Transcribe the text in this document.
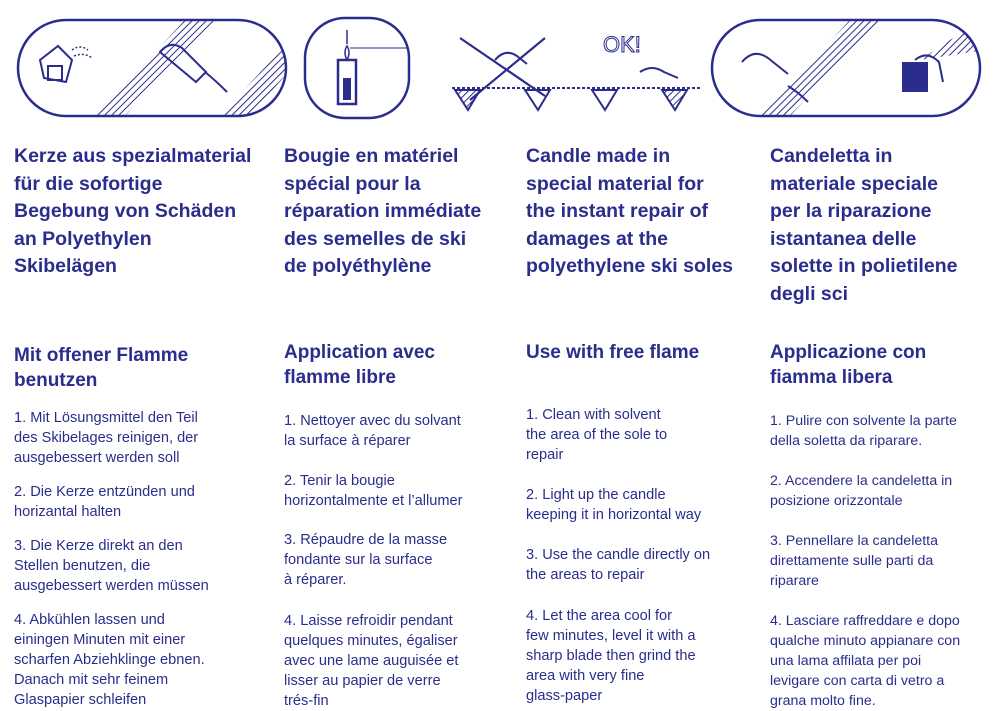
OK!

Kerze aus spezialmaterial

für die sofortige

Begebung von Schäden

an Polyethylen

Skibelägen

Mit offener Flamme

benutzen

1. Mit Lösungsmittel den Teil

des Skibelages reinigen, der

ausgebessert werden soll

2. Die Kerze entzünden und

horizantal halten

3. Die Kerze direkt an den

Stellen benutzen, die

ausgebessert werden müssen

4. Abkühlen lassen und

einingen Minuten mit einer

scharfen Abziehklinge ebnen.

Danach mit sehr feinem

Glaspapier schleifen

Bougie en matériel

spécial pour la

réparation immédiate

des semelles de ski

de polyéthylène

Application avec

flamme libre

1. Nettoyer avec du solvant

la surface à réparer

2. Tenir la bougie

horizontalmente et l’allumer

3. Répaudre de la masse

fondante sur la surface

à réparer.

4. Laisse refroidir pendant

quelques minutes, égaliser

avec une lame auguisée et

lisser au papier de verre

trés-fin

Candle made in

special material for

the instant repair of

damages at the

polyethylene ski soles

Use with free flame

1. Clean with solvent

the area of the sole to

repair

2. Light up the candle

keeping it in horizontal way

3. Use the candle directly on

the areas to repair

4. Let the area cool for

few minutes, level it with a

sharp blade then grind the

area with very fine

glass-paper

Candeletta in

materiale speciale

per la riparazione

istantanea delle

solette in polietilene

degli sci

Applicazione con

fiamma libera

1. Pulire con solvente la parte

della soletta da riparare.

2. Accendere la candeletta in

posizione orizzontale

3. Pennellare la candeletta

direttamente sulle parti da

riparare

4. Lasciare raffreddare e dopo

qualche minuto appianare con

una lama affilata per poi

levigare con carta di vetro a

grana molto fine.
